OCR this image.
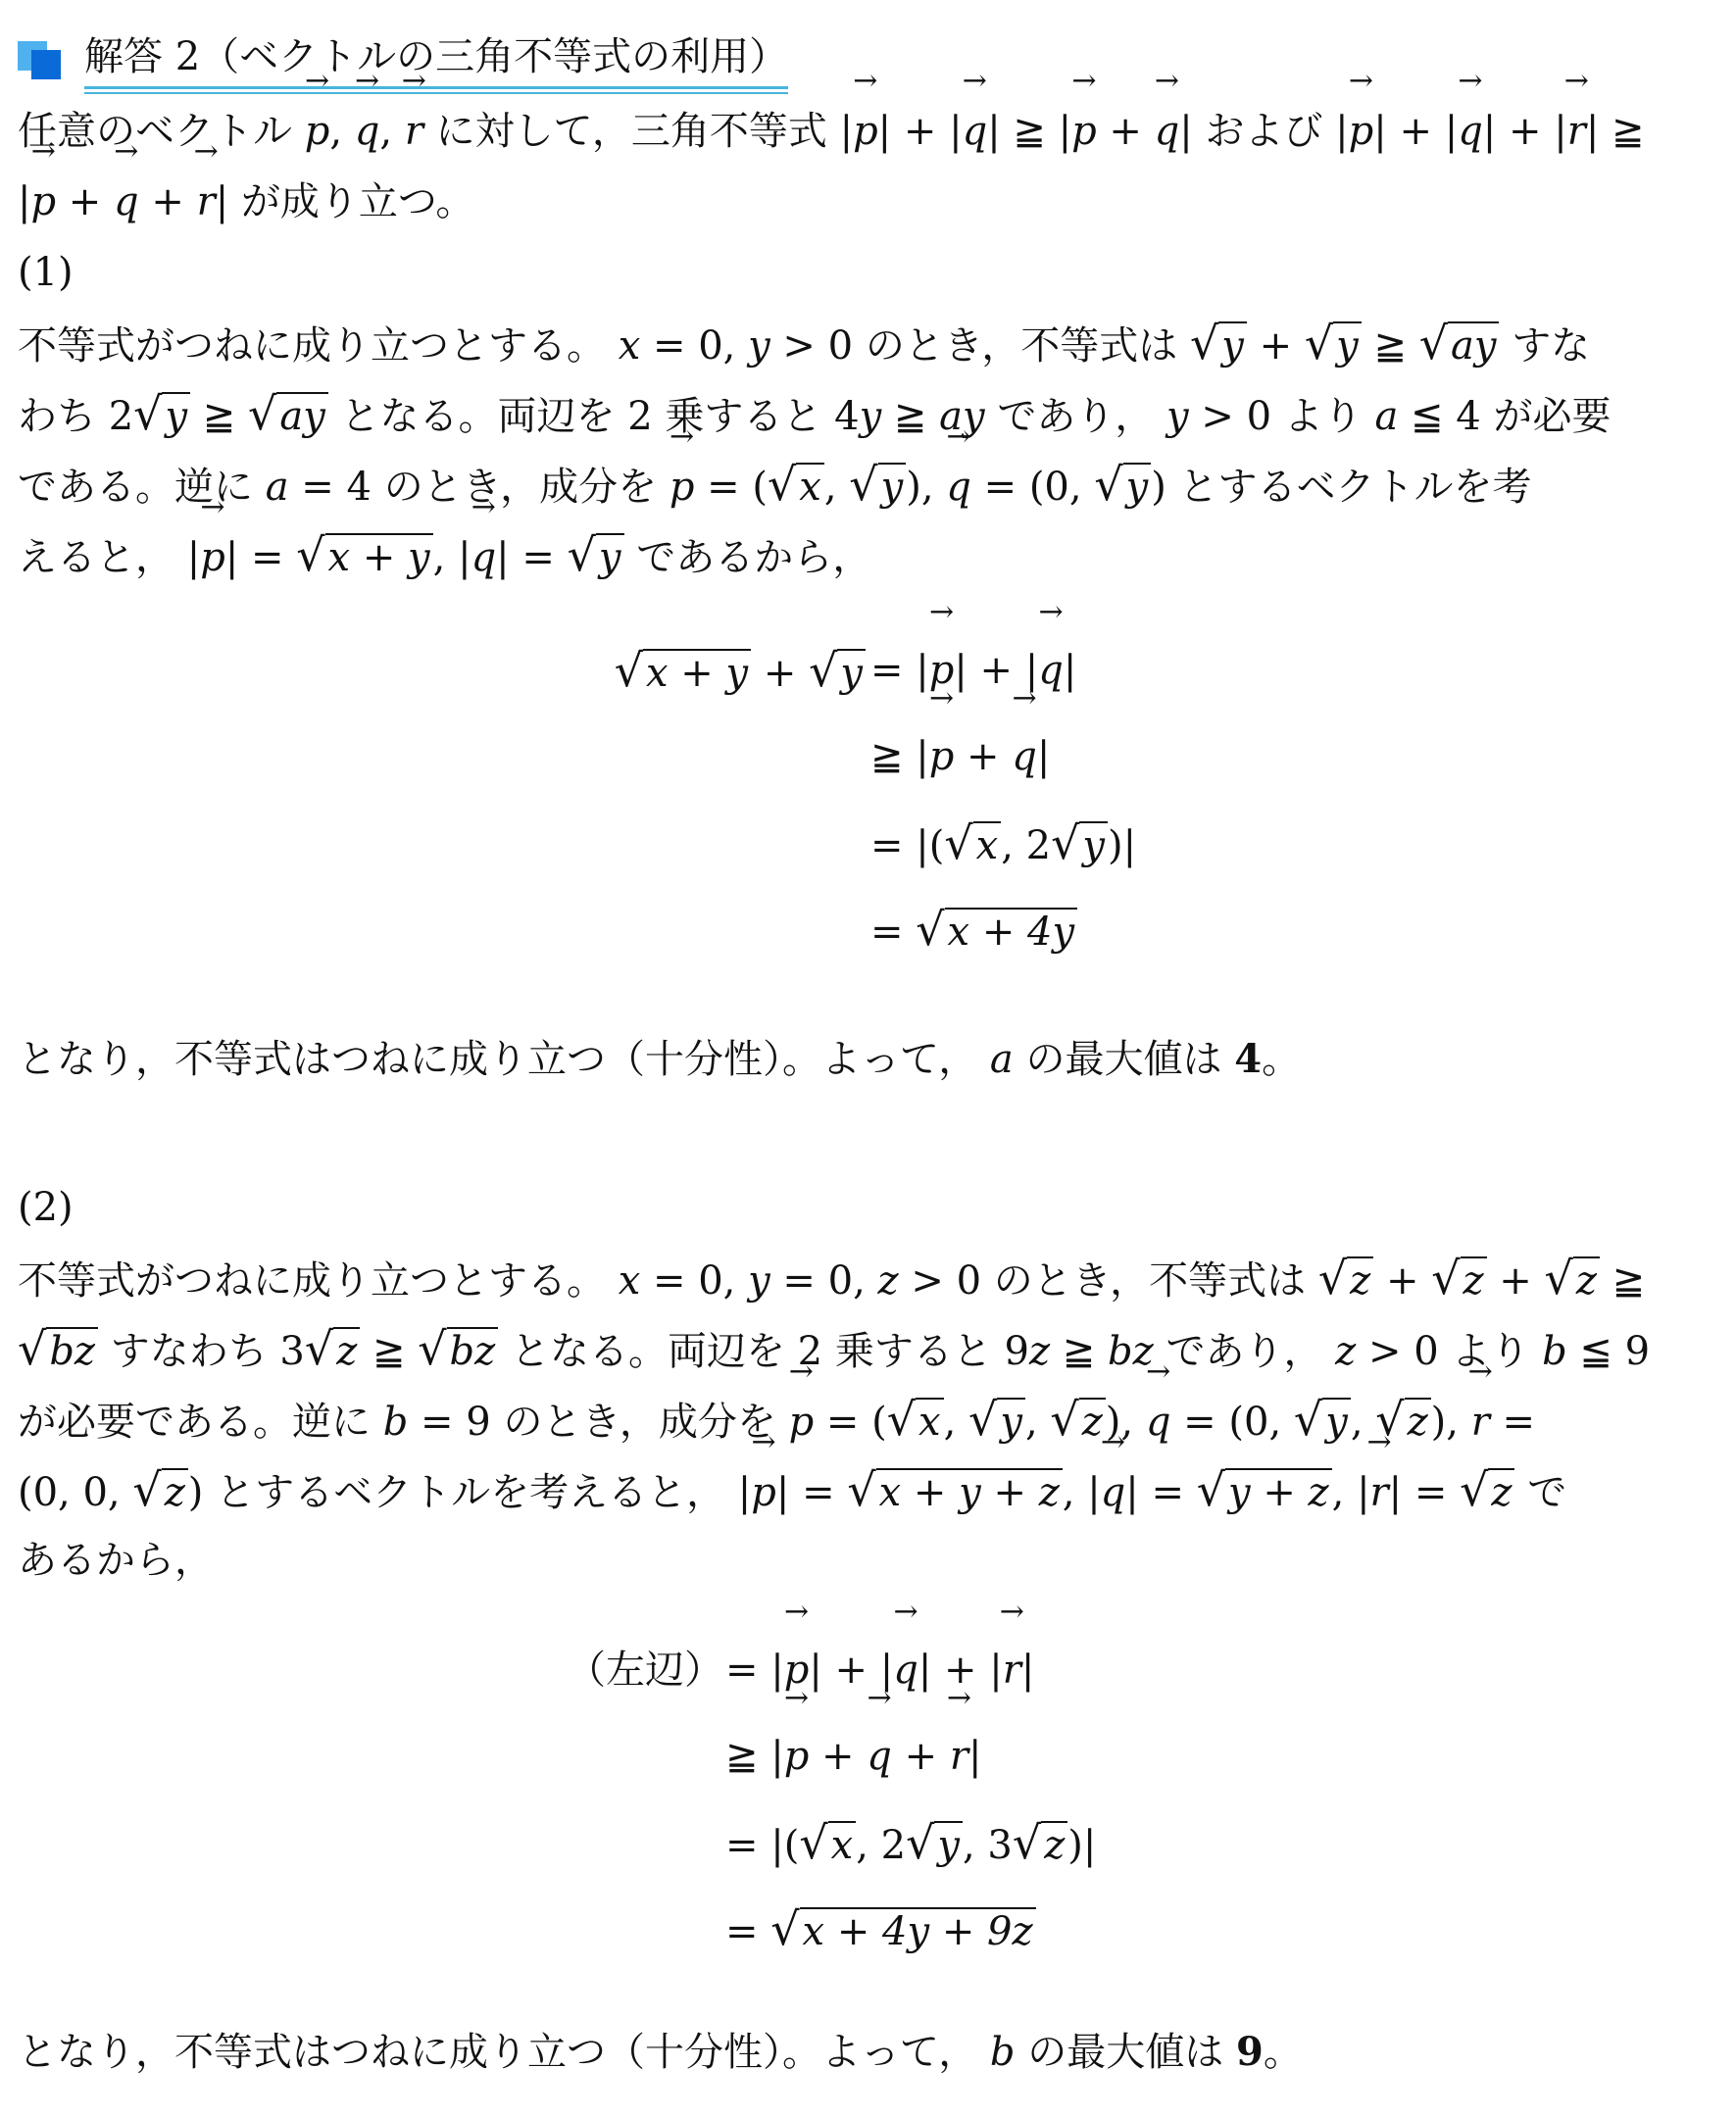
解答 2（ベクトルの三角不等式の利用）
任意のベクトル → p, → q, → r に対して，三角不等式 |→ p| + |→ q| ≧ |→ p + → q| および |→ p| + |→ q| + |→ r| ≧
|→ p + → q + → r| が成り立つ。
(1)
不等式がつねに成り立つとする。 x = 0, y > 0 のとき，不等式は √y + √y ≧ √ay すな
わち 2√y ≧ √ay となる。両辺を 2 乗すると 4y ≧ ay であり， y > 0 より a ≦ 4 が必要
である。逆に a = 4 のとき，成分を → p = (√x, √y), → q = (0, √y) とするベクトルを考
えると， |→ p| = √x + y, |→ q| = √y であるから，
√x + y + √y = |→ p| + |→ q|
≧ |→ p + → q|
= |(√x, 2√y)|
= √x + 4y
となり，不等式はつねに成り立つ（十分性）。よって， a の最大値は 4。
(2)
不等式がつねに成り立つとする。 x = 0, y = 0, z > 0 のとき，不等式は √z + √z + √z ≧
√bz すなわち 3√z ≧ √bz となる。両辺を 2 乗すると 9z ≧ bz であり， z > 0 より b ≦ 9
が必要である。逆に b = 9 のとき，成分を → p = (√x, √y, √z), → q = (0, √y, √z), → r =
(0, 0, √z) とするベクトルを考えると， |→ p| = √x + y + z, |→ q| = √y + z, |→ r| = √z で
あるから，
（左辺） = |→ p| + |→ q| + |→ r|
≧ |→ p + → q + → r|
= |(√x, 2√y, 3√z)|
= √x + 4y + 9z
となり，不等式はつねに成り立つ（十分性）。よって， b の最大値は 9。
